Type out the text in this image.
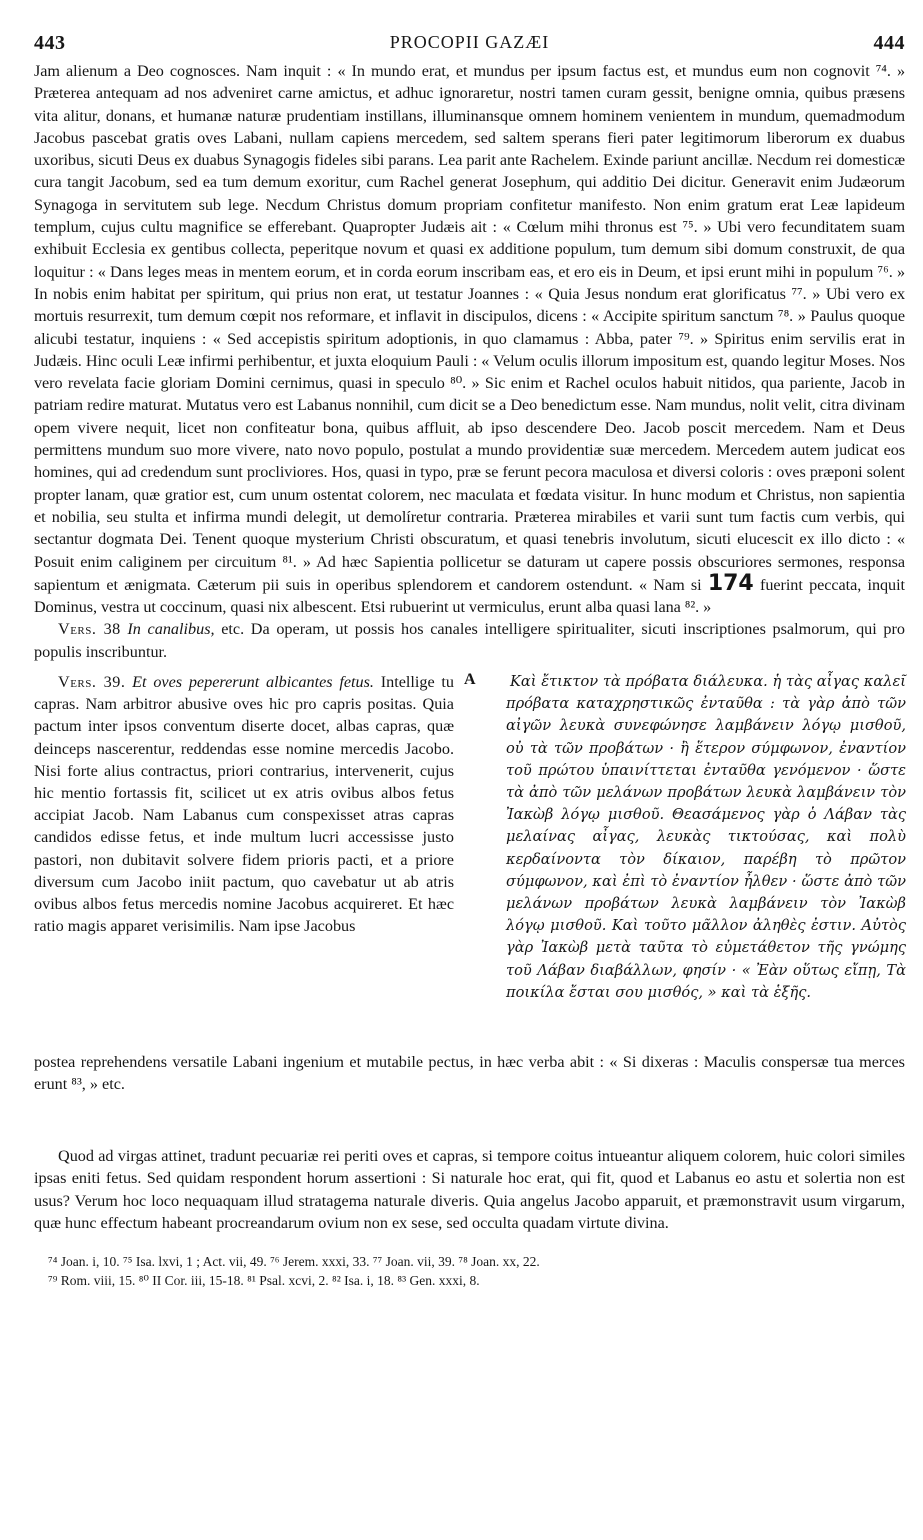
443	PROCOPII GAZÆI	444

Jam alienum a Deo cognosces. Nam inquit : « In mundo erat, et mundus per ipsum factus est, et mundus eum non cognovit ⁷⁴. » Præterea antequam ad nos adveniret carne amictus, et adhuc ignoraretur, nostri tamen curam gessit, benigne omnia, quibus præsens vita alitur, donans, et humanæ naturæ prudentiam instillans, illuminansque omnem hominem venientem in mundum, quemadmodum Jacobus pascebat gratis oves Labani, nullam capiens mercedem, sed saltem sperans fieri pater legitimorum liberorum ex duabus uxoribus, sicuti Deus ex duabus Synagogis fideles sibi parans. Lea parit ante Rachelem. Exinde pariunt ancillæ. Necdum rei domesticæ cura tangit Jacobum, sed ea tum demum exoritur, cum Rachel generat Josephum, qui additio Dei dicitur. Generavit enim Judæorum Synagoga in servitutem sub lege. Necdum Christus domum propriam confitetur manifesto. Non enim gratum erat Leæ lapideum templum, cujus cultu magnifice se efferebant. Quapropter Judæis ait : « Cœlum mihi thronus est ⁷⁵. » Ubi vero fecunditatem suam exhibuit Ecclesia ex gentibus collecta, peperitque novum et quasi ex additione populum, tum demum sibi domum construxit, de qua loquitur : « Dans leges meas in mentem eorum, et in corda eorum inscribam eas, et ero eis in Deum, et ipsi erunt mihi in populum ⁷⁶. » In nobis enim habitat per spiritum, qui prius non erat, ut testatur Joannes : « Quia Jesus nondum erat glorificatus ⁷⁷. » Ubi vero ex mortuis resurrexit, tum demum cœpit nos reformare, et inflavit in discipulos, dicens : « Accipite spiritum sanctum ⁷⁸. » Paulus quoque alicubi testatur, inquiens : « Sed accepistis spiritum adoptionis, in quo clamamus : Abba, pater ⁷⁹. » Spiritus enim servilis erat in Judæis. Hinc oculi Leæ infirmi perhibentur, et juxta eloquium Pauli : « Velum oculis illorum impositum est, quando legitur Moses. Nos vero revelata facie gloriam Domini cernimus, quasi in speculo ⁸⁰. » Sic enim et Rachel oculos habuit nitidos, qua pariente, Jacob in patriam redire maturat. Mutatus vero est Labanus nonnihil, cum dicit se a Deo benedictum esse. Nam mundus, nolit velit, citra divinam opem vivere nequit, licet non confiteatur bona, quibus affluit, ab ipso descendere Deo. Jacob poscit mercedem. Nam et Deus permittens mundum suo more vivere, nato novo populo, postulat a mundo providentiæ suæ mercedem. Mercedem autem judicat eos homines, qui ad credendum sunt procliviores. Hos, quasi in typo, præ se ferunt pecora maculosa et diversi coloris : oves præponi solent propter lanam, quæ gratior est, cum unum ostentat colorem, nec maculata et fœdata visitur. In hunc modum et Christus, non sapientia et nobilia, seu stulta et infirma mundi delegit, ut demolíretur contraria. Præterea mirabiles et varii sunt tum factis cum verbis, qui sectantur dogmata Dei. Tenent quoque mysterium Christi obscuratum, et quasi tenebris involutum, sicuti elucescit ex illo dicto : « Posuit enim caliginem per circuitum ⁸¹. » Ad hæc Sapientia pollicetur se daturam ut capere possis obscuriores sermones, responsa sapientum et ænigmata. Cæterum pii suis in operibus splendorem et candorem ostendunt. « Nam si 174 fuerint peccata, inquit Dominus, vestra ut coccinum, quasi nix albescent. Etsi rubuerint ut vermiculus, erunt alba quasi lana ⁸². »

Vers. 38 In canalibus, etc. Da operam, ut possis hos canales intelligere spiritualiter, sicuti inscriptiones psalmorum, qui pro populis inscribuntur.

Vers. 39. Et oves pepererunt albicantes fetus. Intellige tu capras. Nam arbitror abusive oves hic pro capris positas. Quia pactum inter ipsos conventum diserte docet, albas capras, quæ deinceps nascerentur, reddendas esse nomine mercedis Jacobo. Nisi forte alius contractus, priori contrarius, intervenerit, cujus hic mentio fortassis fit, scilicet ut ex atris ovibus albos fetus accipiat Jacob. Nam Labanus cum conspexisset atras capras candidos edisse fetus, et inde multum lucri accessisse justo pastori, non dubitavit solvere fidem prioris pacti, et a priore diversum cum Jacobo iniit pactum, quo cavebatur ut ab atris ovibus albos fetus mercedis nomine Jacobus acquireret. Et hæc ratio magis apparet verisimilis. Nam ipse Jacobus
A Καὶ ἔτικτον τὰ πρόβατα διάλευκα. ἡ τὰς αἶγας καλεῖ πρόβατα καταχρηστικῶς ἐνταῦθα : τὰ γὰρ ἀπὸ τῶν αἰγῶν λευκὰ συνεφώνησε λαμβάνειν λόγῳ μισθοῦ, οὐ τὰ τῶν προβάτων · ἢ ἕτερον σύμφωνον, ἐναντίον τοῦ πρώτου ὑπαινίττεται ἐνταῦθα γενόμενον · ὥστε τὰ ἀπὸ τῶν μελάνων προβάτων λευκὰ λαμβάνειν τὸν Ἰακὼβ λόγῳ μισθοῦ. Θεασάμενος γὰρ ὁ Λάβαν τὰς μελαίνας αἶγας, λευκὰς τικτούσας, καὶ πολὺ κερδαίνοντα τὸν δίκαιον, παρέβη τὸ πρῶτον σύμφωνον, καὶ ἐπὶ τὸ ἐναντίον ἦλθεν · ὥστε ἀπὸ τῶν μελάνων προβάτων λευκὰ λαμβάνειν τὸν Ἰακὼβ λόγῳ μισθοῦ. Καὶ τοῦτο μᾶλλον ἀληθὲς ἐστιν. Αὐτὸς γὰρ Ἰακὼβ μετὰ ταῦτα τὸ εὐμετάθετον τῆς γνώμης τοῦ Λάβαν διαβάλλων, φησίν · « Ἐὰν οὕτως εἴπῃ, Τὰ ποικίλα ἔσται σου μισθός, » καὶ τὰ ἑξῆς.
postea reprehendens versatile Labani ingenium et mutabile pectus, in hæc verba abit : « Si dixeras : Maculis conspersæ tua merces erunt ⁸³, » etc.

Quod ad virgas attinet, tradunt pecuariæ rei periti oves et capras, si tempore coitus intueantur aliquem colorem, huic colori similes ipsas eniti fetus. Sed quidam respondent horum assertioni : Si naturale hoc erat, qui fit, quod et Labanus eo astu et solertia non est usus? Verum hoc loco nequaquam illud stratagema naturale diveris. Quia angelus Jacobo apparuit, et præmonstravit usum virgarum, quæ hunc effectum habeant procreandarum ovium non ex sese, sed occulta quadam virtute divina.

⁷⁴ Joan. i, 10. ⁷⁵ Isa. lxvi, 1 ; Act. vii, 49. ⁷⁶ Jerem. xxxi, 33. ⁷⁷ Joan. vii, 39. ⁷⁸ Joan. xx, 22.
⁷⁹ Rom. viii, 15. ⁸⁰ II Cor. iii, 15-18. ⁸¹ Psal. xcvi, 2. ⁸² Isa. i, 18. ⁸³ Gen. xxxi, 8.
